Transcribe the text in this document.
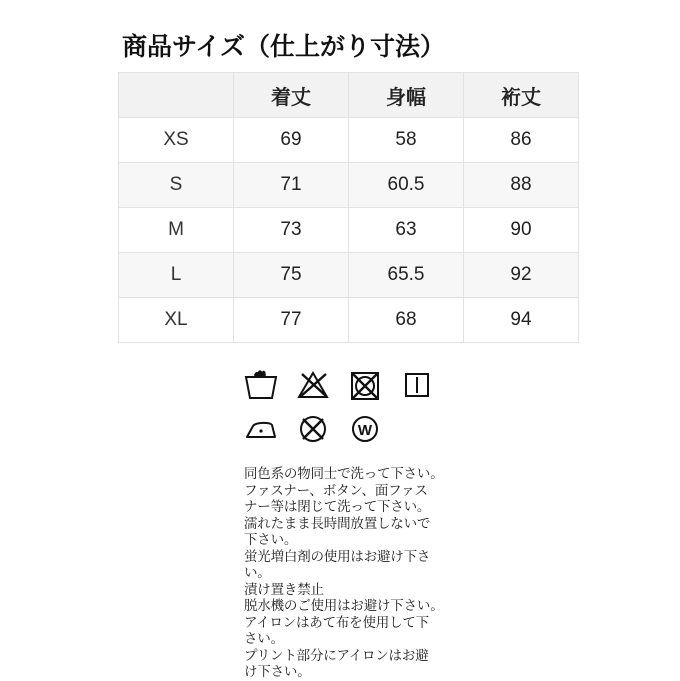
商品サイズ（仕上がり寸法）
	着丈	身幅	裄丈
XS	69	58	86
S	71	60.5	88
M	73	63	90
L	75	65.5	92
XL	77	68	94
W

同色系の物同士で洗って下さい。

ファスナー、ボタン、面ファス

ナー等は閉じて洗って下さい。

濡れたまま長時間放置しないで

下さい。

蛍光増白剤の使用はお避け下さ

い。

漬け置き禁止

脱水機のご使用はお避け下さい。

アイロンはあて布を使用して下

さい。

プリント部分にアイロンはお避

け下さい。
